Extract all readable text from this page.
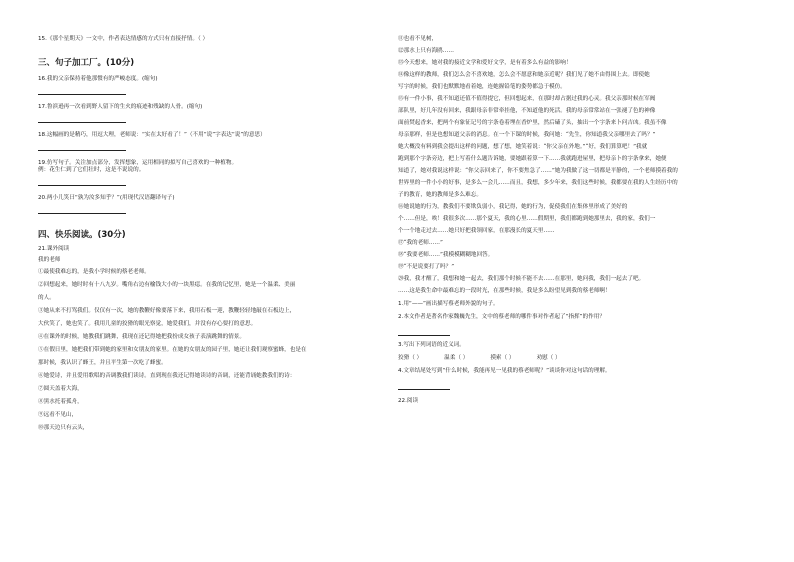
15.《那个星期天》一文中，作者表达情感的方式只有直接抒情。（ ）

三、句子加工厂。(10分)

16.我的父亲保持着他那惯有的严峻态度。(缩句)

17.鲁滨逊再一次看到野人留下的生火的痕迹和残缺的人骨。(缩句)

18.这幅画的是精巧，用逗大理，老师说：“实在太好看了！”（不用“说”字表达“说”的意思）

19.仿写句子。关注加点部分，发挥想象，运用相同的拟写自己喜欢的一种植物。

例：花生仁到了它们壮时，这是不说说的。

20.两小儿笑曰“孰为汝多知乎？”(用现代汉语翻译句子)

四、快乐阅读。(30分)

21.课外阅读

我的老师

①最使我难忘的，是我小学时候的蔡老老师。

②回想起来，她时时有十八九岁。嘴角右边有榆钱大小的一块黑痣。在我的记忆里，她是一个温柔、美丽

的人。

③她从来不打骂我们。仅仅有一次，她的教鞭好像要落下来，我用石板一迎，教鞭轻轻地敲在石板边上，

大伙笑了，她也笑了。我用儿童的狡猾的眼光察觉，她爱我们，并没有存心要打的意思。

④在课外的时候，她教我们跳舞，我现在还记得她把我扮成女孩子表演跳舞的情景。

⑤在假日里，她把我们带到她的家里和女朋友的家里。在她的女朋友的园子里，她还让我们观察蜜蜂，也是在

那时候，我认识了蜂王，并且平生第一次吃了蜂蜜。

⑥她爱诗，并且爱用歌唱的音调教我们读诗。直到现在我还记得她读诗的音调，还能背诵她教我们的诗：

⑦圆天盖着大海，

⑧黑水托着孤舟，

⑨远看不见山，

⑩那天边只有云头，

⑪也看不见树，

⑫那水上只有海鸥……

⑬今天想来，她对我的接近文学和爱好文学，是有着多么有益的影响！

⑭像这样的教师，我们怎么会不喜欢她，怎么会不愿意和她亲近呢？我们见了她不由得围上去。即使她

写字的时候，我们也默默地看着她，连她握铅笔的姿势都急于模仿。

⑮有一件小事，我不知道还值不值得提它，但回想起来，在那时却占据过我的心灵。我父亲那时候在军阀

部队里，好几年没有回来，我跟母亲非常牵挂他，不知道他的死活。我的母亲常常站在一张褪了色的神像

面前焚起香来，把两个有象征记号的字条卷着埋在香炉里，然后磕了头，抽出一个字条来卜问吉凶。我虽不像

母亲那样，但是也想知道父亲的消息。在一个下课的时候，我问她：“先生，你知道我父亲哪里去了吗？”

她大概没有料到我会提出这样的问题，想了想，她笑着说：“你父亲在外地。”“好，我们算算吧！”我就

跑到那个字条旁边，把上写着什么题告诉她，要她跟着算一下……我就跑进屋里，把母亲卜的字条拿来，她便

知道了，她对我说这样说：“你父亲回来了，你不要焦急了……”她为我做了这一切都是平静的，一个老师摸着我的

世界里的一件小小的好事，是多么一会儿……而且，我想，多少年来，我们这些时候，我都要在我的人生经历中的

子的教育，她的教师是多么难忘。

⑯她说她的行为，教我们不要欺负弱小，我记得，她的行为，促使我们在集体里形成了美好的

个……但是，唉！我很多次……那个夏天，我的心里……假期里，我们都跑到她那里去，我的家，我们一

个一个地走过去……她只好把我领回家，在那漫长的夏天里……

⑰“我的老师……”

⑱“我要老师……”我模模糊糊地回答。

⑲“不是说要打了吗？”

⑳我，我才醒了，我想和她一起去，我们那个时候不能不去……在那里，她问我，我们一起去了吧。

……这是我生命中最难忘的一段时光，在那些时候，我是多么盼望见到我的蔡老师啊！

1.用“——”画出描写蔡老师外貌的句子。

2.本文作者是著名作家魏巍先生，文中的蔡老师的哪件事对作者起了“指挥”的作用？

3.写出下列词语的近义词。

狡猾（ ）	温柔（ ）	摸索（ ）	劝慰（ ）

4.文章结尾处写到“什么时候，我能再见一见我的蔡老师呢？”谈谈你对这句话的理解。

22.阅读
